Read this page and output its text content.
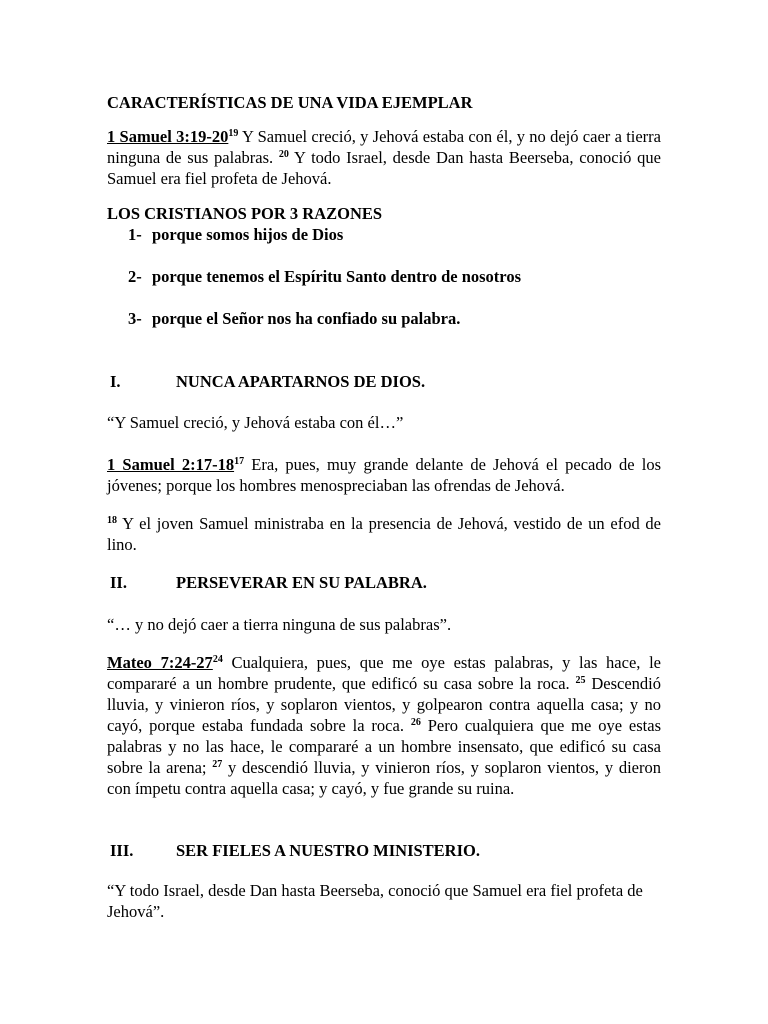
CARACTERÍSTICAS DE UNA VIDA EJEMPLAR
1 Samuel $3:19-20^{19}$ Y Samuel creció, y Jehová estaba con él, y no dejó caer a tierra ninguna de sus palabras. $^{20}$ Y todo Israel, desde Dan hasta Beerseba, conoció que Samuel era fiel profeta de Jehová.
LOS CRISTIANOS POR 3 RAZONES
1- porque somos hijos de Dios
2- porque tenemos el Espíritu Santo dentro de nosotros
3- porque el Señor nos ha confiado su palabra.
I.	NUNCA APARTARNOS DE DIOS.
“Y Samuel creció, y Jehová estaba con él…”
1 Samuel $2:17-18^{17}$ Era, pues, muy grande delante de Jehová el pecado de los jóvenes; porque los hombres menospreciaban las ofrendas de Jehová.
$^{18}$ Y el joven Samuel ministraba en la presencia de Jehová, vestido de un efod de lino.
II.	PERSEVERAR EN SU PALABRA.
“… y no dejó caer a tierra ninguna de sus palabras”.
Mateo $7:24-27^{24}$ Cualquiera, pues, que me oye estas palabras, y las hace, le compararé a un hombre prudente, que edificó su casa sobre la roca. $^{25}$ Descendió lluvia, y vinieron ríos, y soplaron vientos, y golpearon contra aquella casa; y no cayó, porque estaba fundada sobre la roca. $^{26}$ Pero cualquiera que me oye estas palabras y no las hace, le compararé a un hombre insensato, que edificó su casa sobre la arena; $^{27}$ y descendió lluvia, y vinieron ríos, y soplaron vientos, y dieron con ímpetu contra aquella casa; y cayó, y fue grande su ruina.
III.	SER FIELES A NUESTRO MINISTERIO.
“Y todo Israel, desde Dan hasta Beerseba, conoció que Samuel era fiel profeta de Jehová”.
